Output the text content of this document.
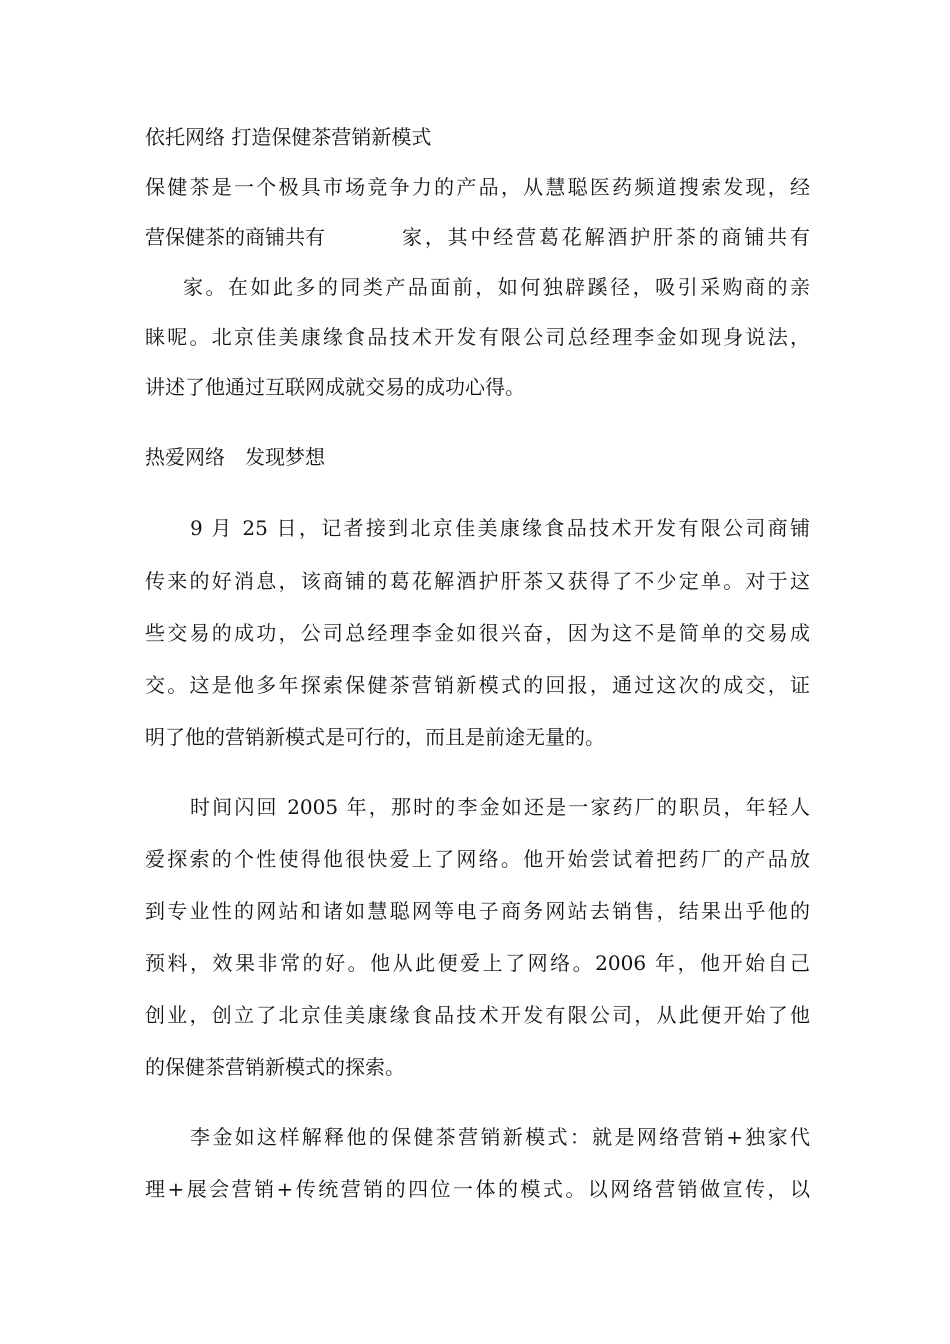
依托网络 打造保健茶营销新模式
保健茶是一个极具市场竞争力的产品，从慧聪医药频道搜索发现，经
营保健茶的商铺共有	家，其中经营葛花解酒护肝茶的商铺共有
家。在如此多的同类产品面前，如何独辟蹊径，吸引采购商的亲
睐呢。北京佳美康缘食品技术开发有限公司总经理李金如现身说法，
讲述了他通过互联网成就交易的成功心得。
热爱网络　发现梦想
9 月 25 日，记者接到北京佳美康缘食品技术开发有限公司商铺
传来的好消息，该商铺的葛花解酒护肝茶又获得了不少定单。对于这
些交易的成功，公司总经理李金如很兴奋，因为这不是简单的交易成
交。这是他多年探索保健茶营销新模式的回报，通过这次的成交，证
明了他的营销新模式是可行的，而且是前途无量的。
时间闪回 2005 年，那时的李金如还是一家药厂的职员，年轻人
爱探索的个性使得他很快爱上了网络。他开始尝试着把药厂的产品放
到专业性的网站和诸如慧聪网等电子商务网站去销售，结果出乎他的
预料，效果非常的好。他从此便爱上了网络。2006 年，他开始自己
创业，创立了北京佳美康缘食品技术开发有限公司，从此便开始了他
的保健茶营销新模式的探索。
李金如这样解释他的保健茶营销新模式：就是网络营销+独家代
理+展会营销+传统营销的四位一体的模式。以网络营销做宣传，以
